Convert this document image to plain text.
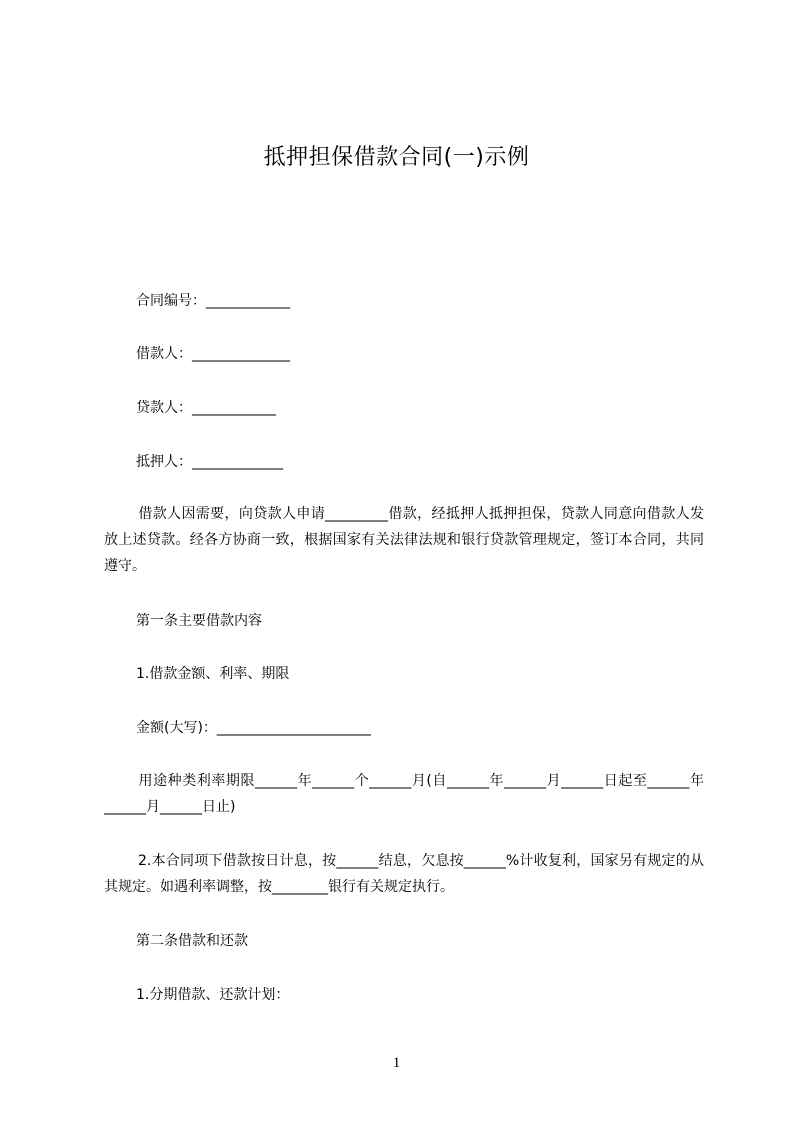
抵押担保借款合同(一)示例
合同编号：____________
借款人：______________
贷款人：____________
抵押人：_____________
借款人因需要，向贷款人申请_________借款，经抵押人抵押担保，贷款人同意向借款人发放上述贷款。经各方协商一致，根据国家有关法律法规和银行贷款管理规定，签订本合同，共同遵守。
第一条主要借款内容
1.借款金额、利率、期限
金额(大写)：______________________
用途种类利率期限______年______个______月(自______年______月______日起至______年______月______日止)
2.本合同项下借款按日计息，按______结息，欠息按______%计收复利，国家另有规定的从其规定。如遇利率调整，按________银行有关规定执行。
第二条借款和还款
1.分期借款、还款计划：
1
